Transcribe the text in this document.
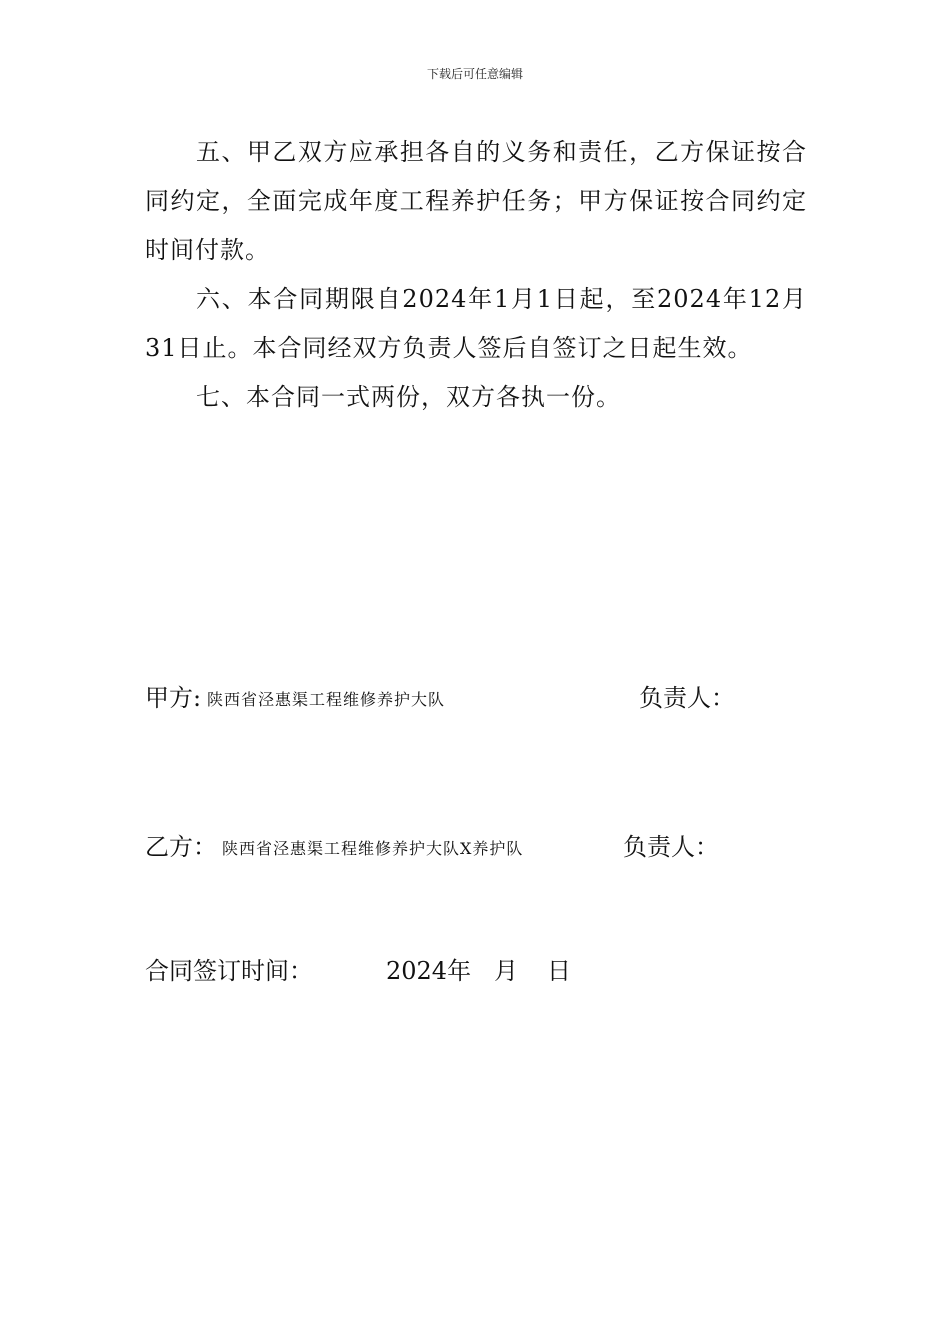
下载后可任意编辑

五、甲乙双方应承担各自的义务和责任，乙方保证按合同约定，全面完成年度工程养护任务；甲方保证按合同约定时间付款。

六、本合同期限自2024年1月1日起，至2024年12月31日止。本合同经双方负责人签后自签订之日起生效。

七、本合同一式两份，双方各执一份。

甲方: 陕西省泾惠渠工程维修养护大队	负责人：
乙方： 陕西省泾惠渠工程维修养护大队X养护队	负责人：
合同签订时间：	2024年 月 日
